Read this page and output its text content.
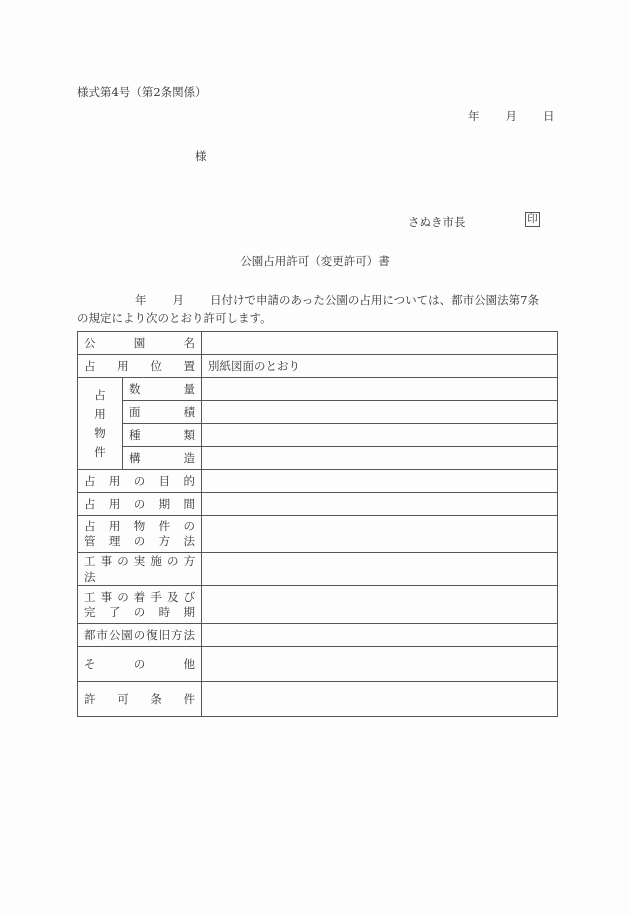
様式第4号（第2条関係）
年 月 日
様
さぬき市長	印
公園占用許可（変更許可）書
年 月 日付けで申請のあった公園の占用については、都市公園法第7条
の規定により次のとおり許可します。
公園名		
占用位置		別紙図面のとおり

占
用
物
件	数 量	
	面 積	
	種 類	
	構 造	
占 用 の 目 的		
占 用 の 期 間		

占 用 物 件 の
管 理 の 方 法		

工 事 の 実 施 の 方 法		

工 事 の 着 手 及 び
完 了 の 時 期		

都市公園の復旧方法		
そ の 他		
許 可 条 件		
